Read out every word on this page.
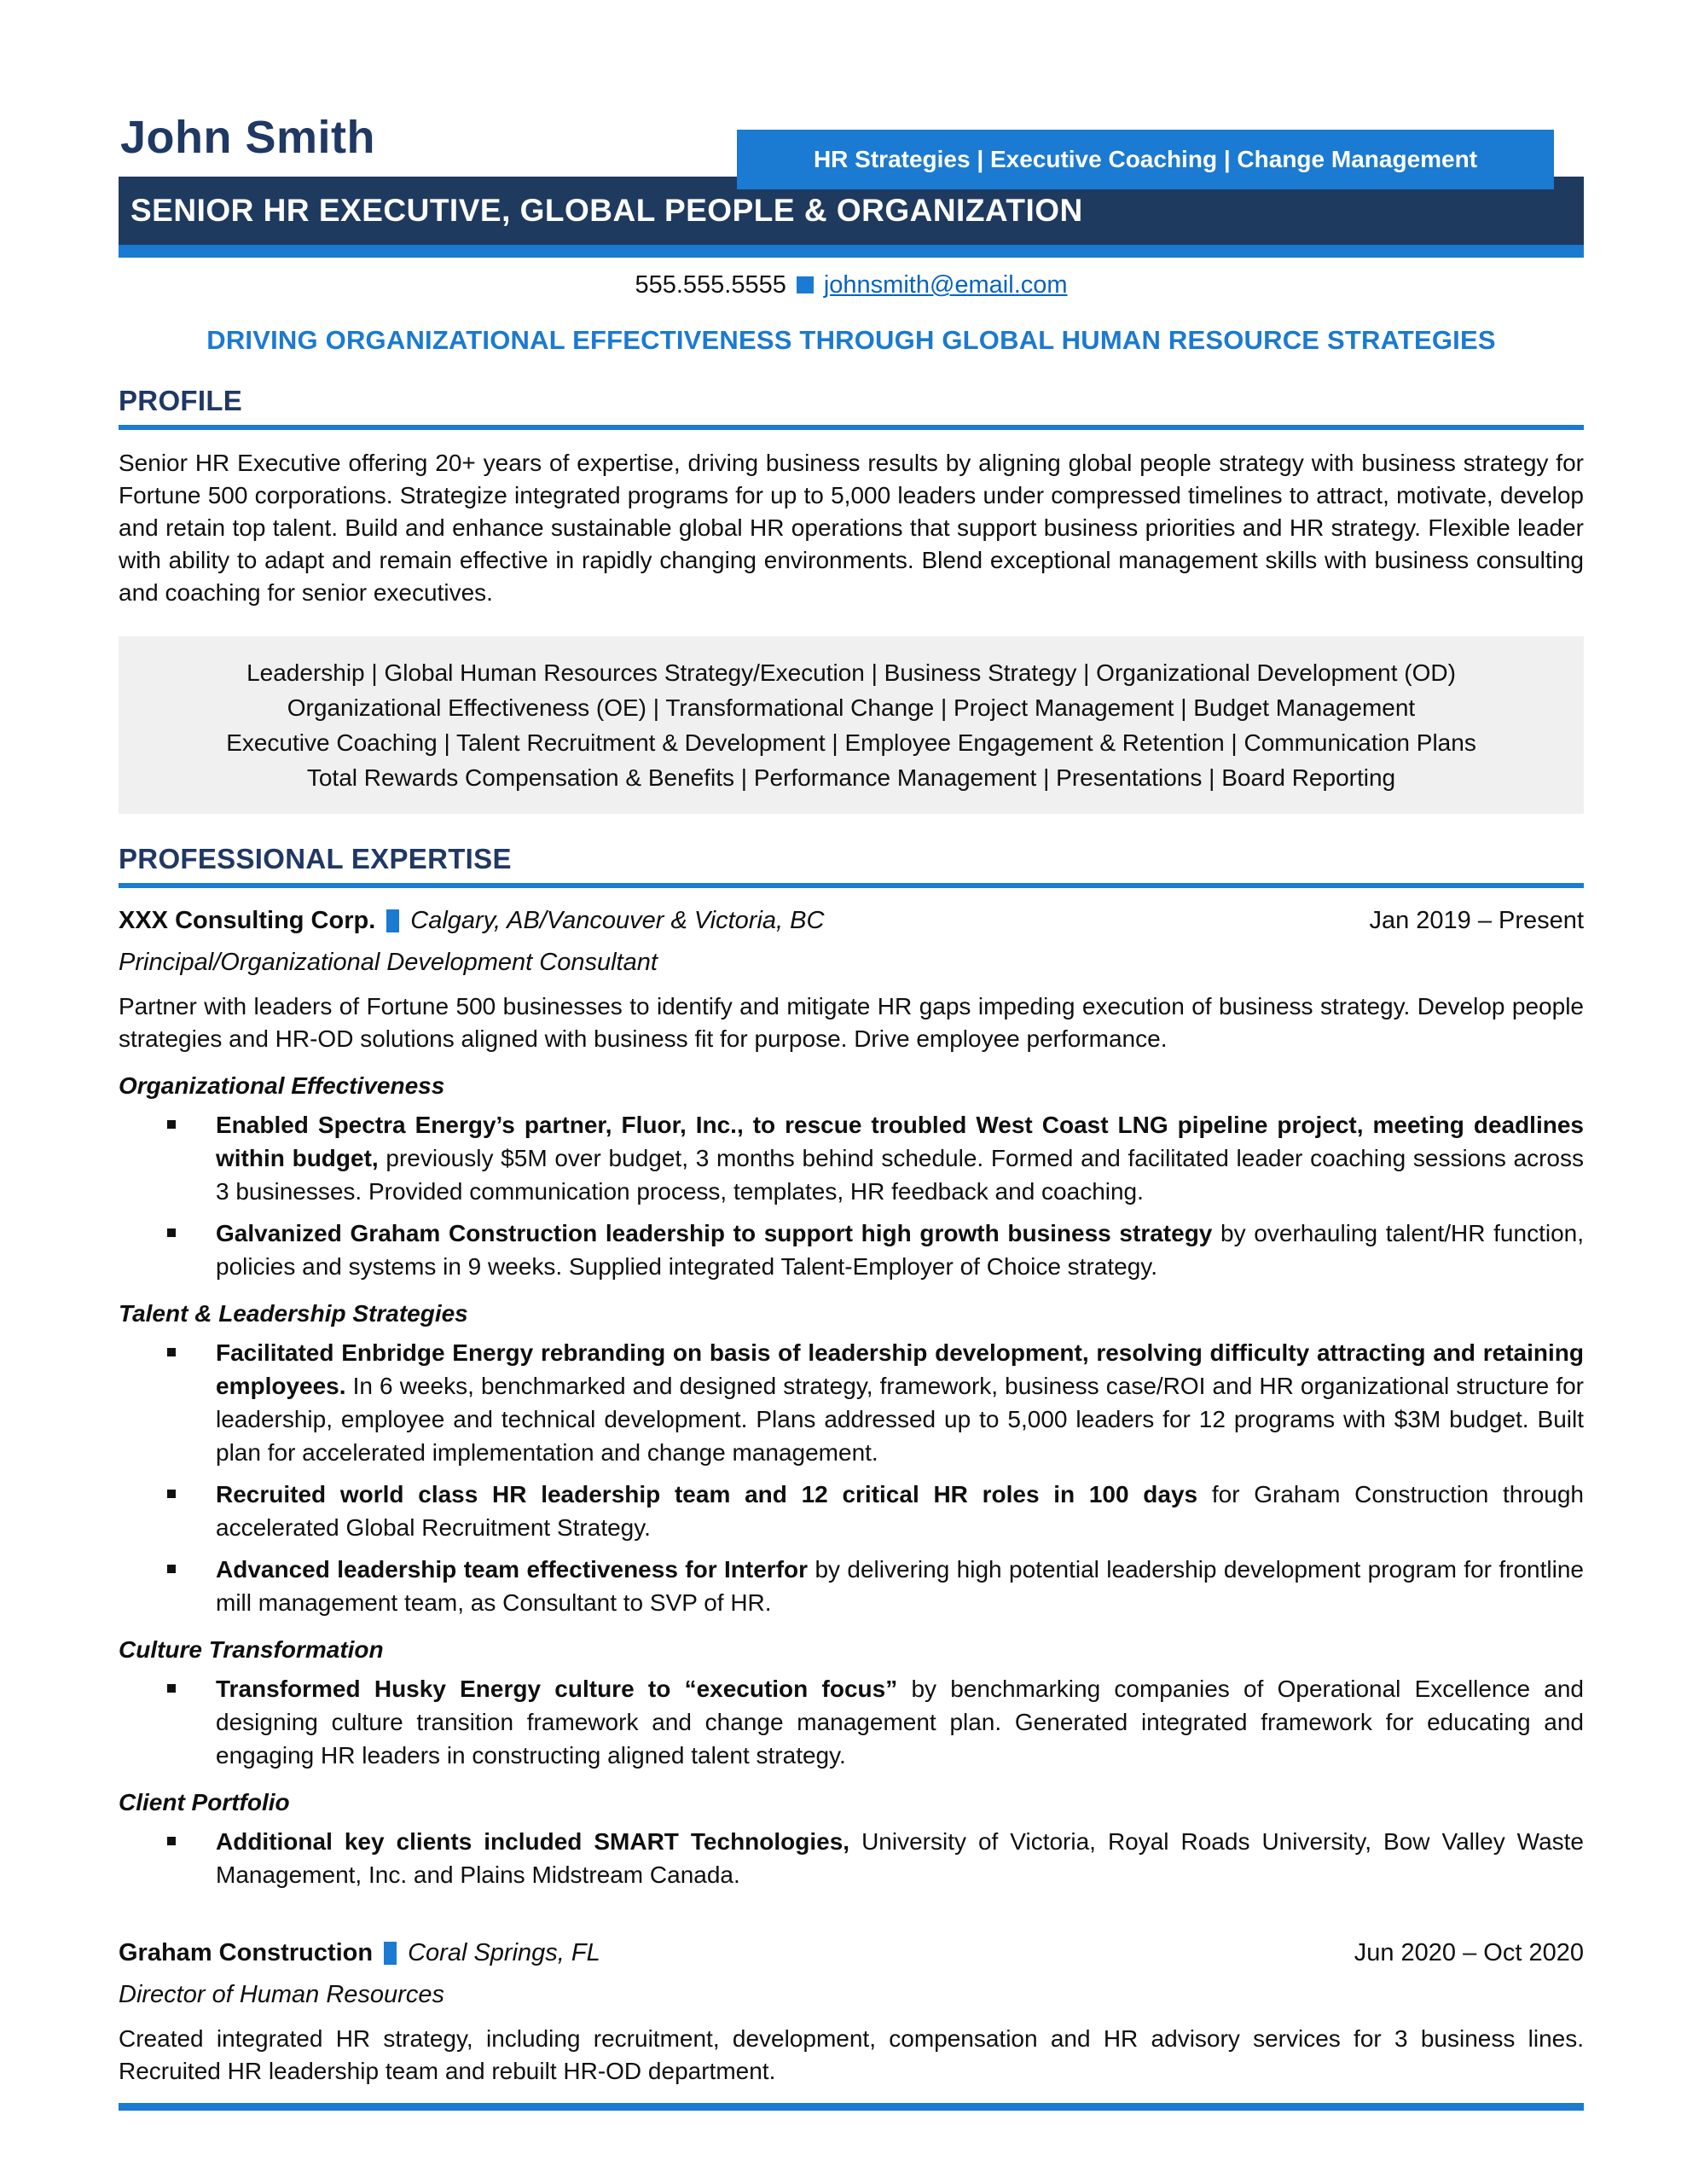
John Smith	HR Strategies | Executive Coaching | Change Management
SENIOR HR EXECUTIVE, GLOBAL PEOPLE & ORGANIZATION
555.555.5555 johnsmith@email.com
DRIVING ORGANIZATIONAL EFFECTIVENESS THROUGH GLOBAL HUMAN RESOURCE STRATEGIES
PROFILE

Senior HR Executive offering 20+ years of expertise, driving business results by aligning global people strategy with business strategy for Fortune 500 corporations. Strategize integrated programs for up to 5,000 leaders under compressed timelines to attract, motivate, develop and retain top talent. Build and enhance sustainable global HR operations that support business priorities and HR strategy. Flexible leader with ability to adapt and remain effective in rapidly changing environments. Blend exceptional management skills with business consulting and coaching for senior executives.

Leadership | Global Human Resources Strategy/Execution | Business Strategy | Organizational Development (OD)
Organizational Effectiveness (OE) | Transformational Change | Project Management | Budget Management
Executive Coaching | Talent Recruitment & Development | Employee Engagement & Retention | Communication Plans
Total Rewards Compensation & Benefits | Performance Management | Presentations | Board Reporting
PROFESSIONAL EXPERTISE
XXX Consulting Corp. Calgary, AB/Vancouver & Victoria, BC	Jan 2019 – Present
Principal/Organizational Development Consultant

Partner with leaders of Fortune 500 businesses to identify and mitigate HR gaps impeding execution of business strategy. Develop people strategies and HR-OD solutions aligned with business fit for purpose. Drive employee performance.

Organizational Effectiveness

Enabled Spectra Energy’s partner, Fluor, Inc., to rescue troubled West Coast LNG pipeline project, meeting deadlines within budget, previously $5M over budget, 3 months behind schedule. Formed and facilitated leader coaching sessions across 3 businesses. Provided communication process, templates, HR feedback and coaching.

Galvanized Graham Construction leadership to support high growth business strategy by overhauling talent/HR function, policies and systems in 9 weeks. Supplied integrated Talent-Employer of Choice strategy.

Talent & Leadership Strategies

Facilitated Enbridge Energy rebranding on basis of leadership development, resolving difficulty attracting and retaining employees. In 6 weeks, benchmarked and designed strategy, framework, business case/ROI and HR organizational structure for leadership, employee and technical development. Plans addressed up to 5,000 leaders for 12 programs with $3M budget. Built plan for accelerated implementation and change management.

Recruited world class HR leadership team and 12 critical HR roles in 100 days for Graham Construction through accelerated Global Recruitment Strategy.

Advanced leadership team effectiveness for Interfor by delivering high potential leadership development program for frontline mill management team, as Consultant to SVP of HR.

Culture Transformation

Transformed Husky Energy culture to “execution focus” by benchmarking companies of Operational Excellence and designing culture transition framework and change management plan. Generated integrated framework for educating and engaging HR leaders in constructing aligned talent strategy.

Client Portfolio

Additional key clients included SMART Technologies, University of Victoria, Royal Roads University, Bow Valley Waste Management, Inc. and Plains Midstream Canada.

Graham Construction Coral Springs, FL	Jun 2020 – Oct 2020
Director of Human Resources

Created integrated HR strategy, including recruitment, development, compensation and HR advisory services for 3 business lines. Recruited HR leadership team and rebuilt HR-OD department.
